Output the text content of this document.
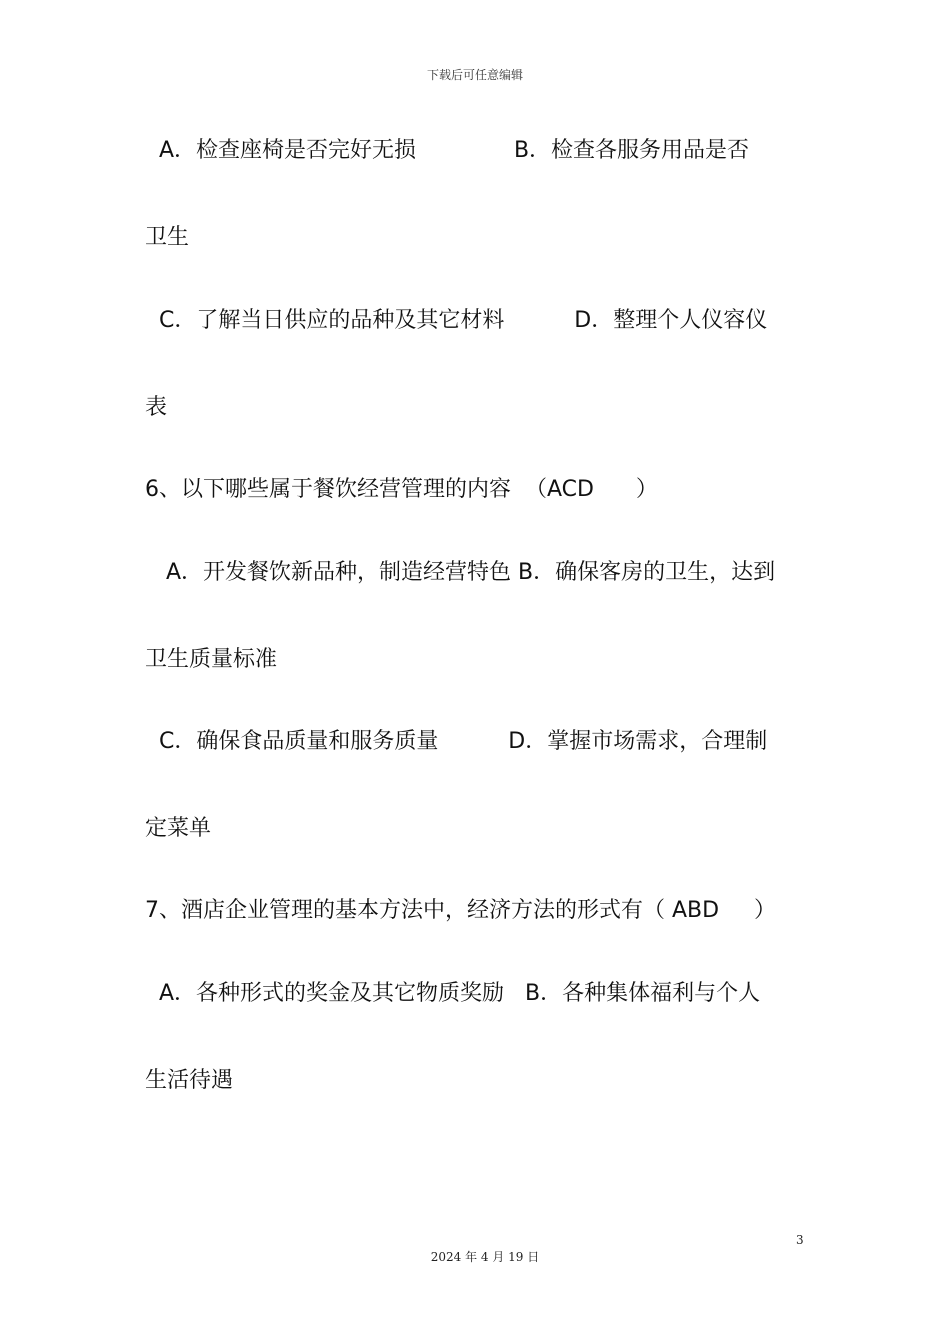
下载后可任意编辑
A．检查座椅是否完好无损              B．检查各服务用品是否
卫生
C．了解当日供应的品种及其它材料          D．整理个人仪容仪
表
6、以下哪些属于餐饮经营管理的内容  （ACD      ）
A．开发餐饮新品种，制造经营特色 B．确保客房的卫生，达到
卫生质量标准
C．确保食品质量和服务质量          D．掌握市场需求，合理制
定菜单
7、酒店企业管理的基本方法中，经济方法的形式有（ ABD     ）
A．各种形式的奖金及其它物质奖励   B．各种集体福利与个人
生活待遇
3
2024 年 4 月 19 日
